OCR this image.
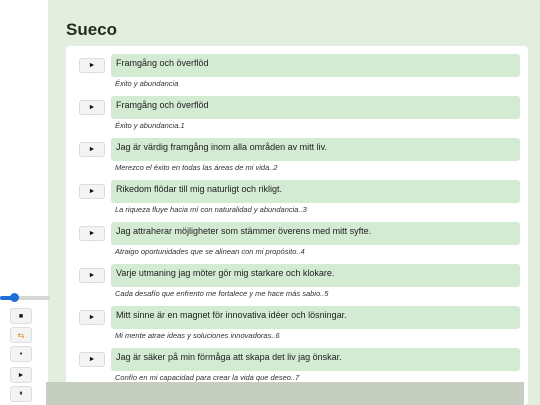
■
⇆
•
►
⏸
Sueco
►	Framgång och överflöd
Éxito y abundancia
►	Framgång och överflöd
Éxito y abundancia.1
►	Jag är värdig framgång inom alla områden av mitt liv.
Merezco el éxito en todas las áreas de mi vida..2
►	Rikedom flödar till mig naturligt och rikligt.
La riqueza fluye hacia mí con naturalidad y abundancia..3
►	Jag attraherar möjligheter som stämmer överens med mitt syfte.
Atraigo oportunidades que se alinean con mi propósito..4
►	Varje utmaning jag möter gör mig starkare och klokare.
Cada desafío que enfrento me fortalece y me hace más sabio..5
►	Mitt sinne är en magnet för innovativa idéer och lösningar.
Mi mente atrae ideas y soluciones innovadoras..6
►	Jag är säker på min förmåga att skapa det liv jag önskar.
Confío en mi capacidad para crear la vida que deseo..7
